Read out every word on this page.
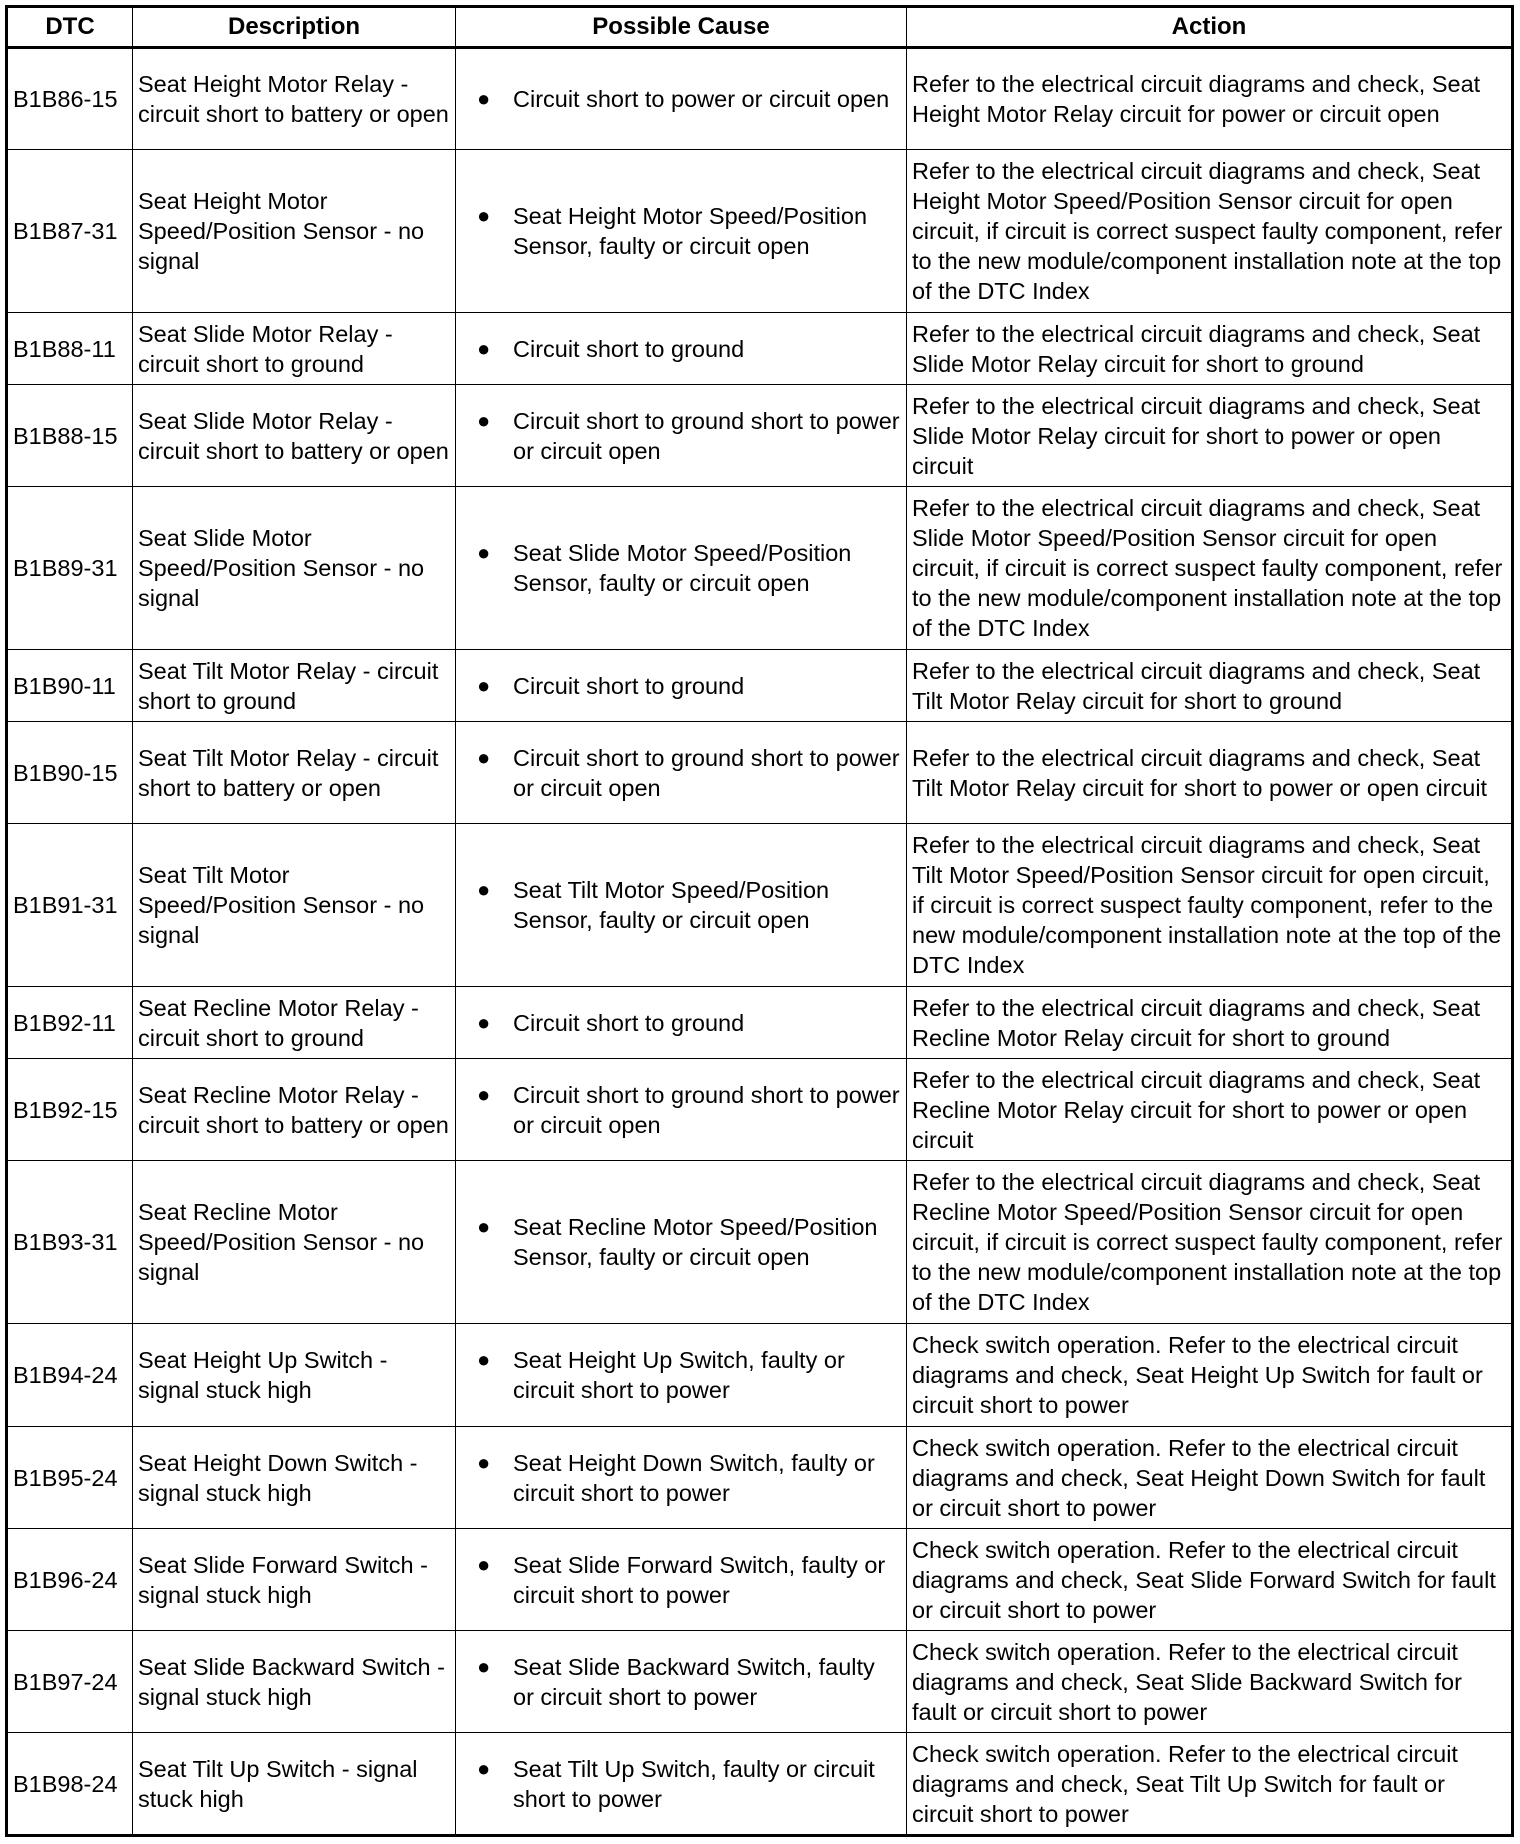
DTC	Description	Possible Cause	Action
B1B86-15	Seat Height Motor Relay - circuit short to battery or open	● Circuit short to power or circuit open	Refer to the electrical circuit diagrams and check, Seat Height Motor Relay circuit for power or circuit open
B1B87-31	Seat Height Motor Speed/Position Sensor - no signal	● Seat Height Motor Speed/Position Sensor, faulty or circuit open	Refer to the electrical circuit diagrams and check, Seat Height Motor Speed/Position Sensor circuit for open circuit, if circuit is correct suspect faulty component, refer to the new module/component installation note at the top of the DTC Index
B1B88-11	Seat Slide Motor Relay - circuit short to ground	● Circuit short to ground	Refer to the electrical circuit diagrams and check, Seat Slide Motor Relay circuit for short to ground
B1B88-15	Seat Slide Motor Relay - circuit short to battery or open	● Circuit short to ground short to power or circuit open	Refer to the electrical circuit diagrams and check, Seat Slide Motor Relay circuit for short to power or open circuit
B1B89-31	Seat Slide Motor Speed/Position Sensor - no signal	● Seat Slide Motor Speed/Position Sensor, faulty or circuit open	Refer to the electrical circuit diagrams and check, Seat Slide Motor Speed/Position Sensor circuit for open circuit, if circuit is correct suspect faulty component, refer to the new module/component installation note at the top of the DTC Index
B1B90-11	Seat Tilt Motor Relay - circuit short to ground	● Circuit short to ground	Refer to the electrical circuit diagrams and check, Seat Tilt Motor Relay circuit for short to ground
B1B90-15	Seat Tilt Motor Relay - circuit short to battery or open	● Circuit short to ground short to power or circuit open	Refer to the electrical circuit diagrams and check, Seat Tilt Motor Relay circuit for short to power or open circuit
B1B91-31	Seat Tilt Motor Speed/Position Sensor - no signal	● Seat Tilt Motor Speed/Position Sensor, faulty or circuit open	Refer to the electrical circuit diagrams and check, Seat Tilt Motor Speed/Position Sensor circuit for open circuit, if circuit is correct suspect faulty component, refer to the new module/component installation note at the top of the DTC Index
B1B92-11	Seat Recline Motor Relay - circuit short to ground	● Circuit short to ground	Refer to the electrical circuit diagrams and check, Seat Recline Motor Relay circuit for short to ground
B1B92-15	Seat Recline Motor Relay - circuit short to battery or open	● Circuit short to ground short to power or circuit open	Refer to the electrical circuit diagrams and check, Seat Recline Motor Relay circuit for short to power or open circuit
B1B93-31	Seat Recline Motor Speed/Position Sensor - no signal	● Seat Recline Motor Speed/Position Sensor, faulty or circuit open	Refer to the electrical circuit diagrams and check, Seat Recline Motor Speed/Position Sensor circuit for open circuit, if circuit is correct suspect faulty component, refer to the new module/component installation note at the top of the DTC Index
B1B94-24	Seat Height Up Switch - signal stuck high	● Seat Height Up Switch, faulty or circuit short to power	Check switch operation. Refer to the electrical circuit diagrams and check, Seat Height Up Switch for fault or circuit short to power
B1B95-24	Seat Height Down Switch - signal stuck high	● Seat Height Down Switch, faulty or circuit short to power	Check switch operation. Refer to the electrical circuit diagrams and check, Seat Height Down Switch for fault or circuit short to power
B1B96-24	Seat Slide Forward Switch - signal stuck high	● Seat Slide Forward Switch, faulty or circuit short to power	Check switch operation. Refer to the electrical circuit diagrams and check, Seat Slide Forward Switch for fault or circuit short to power
B1B97-24	Seat Slide Backward Switch - signal stuck high	● Seat Slide Backward Switch, faulty or circuit short to power	Check switch operation. Refer to the electrical circuit diagrams and check, Seat Slide Backward Switch for fault or circuit short to power
B1B98-24	Seat Tilt Up Switch - signal stuck high	● Seat Tilt Up Switch, faulty or circuit short to power	Check switch operation. Refer to the electrical circuit diagrams and check, Seat Tilt Up Switch for fault or circuit short to power
